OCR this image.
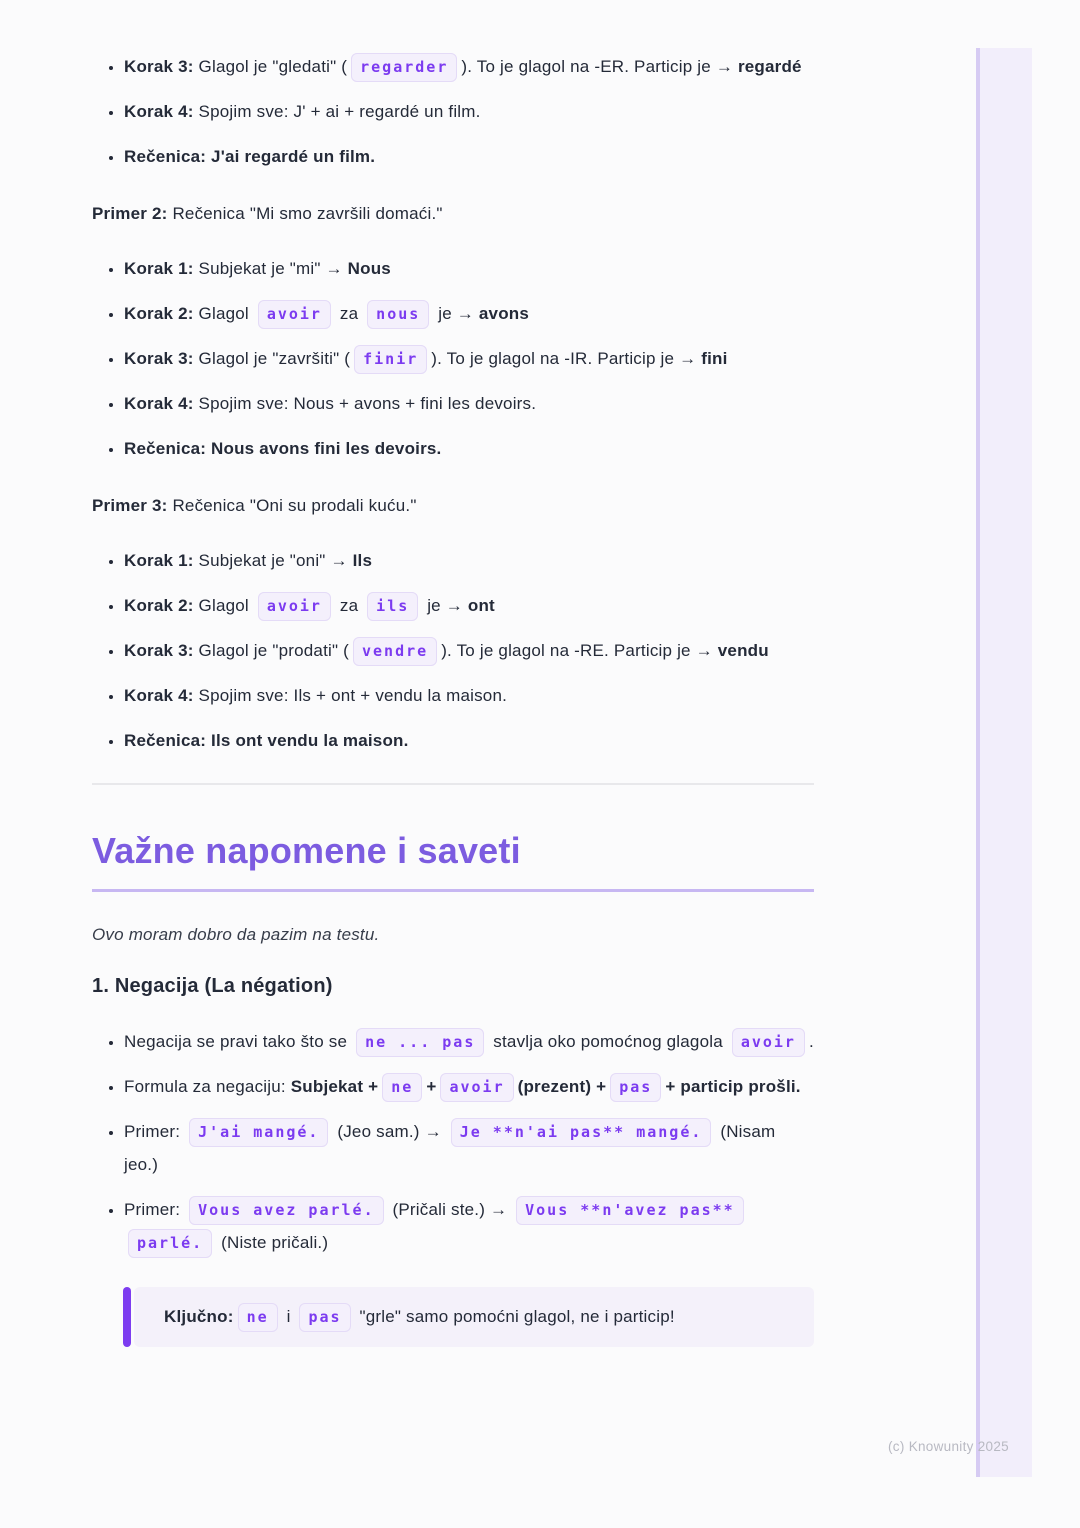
• Korak 3: Glagol je "gledati" ( regarder ). To je glagol na -ER. Particip je → regardé
• Korak 4: Spojim sve: J' + ai + regardé un film.
• Rečenica: J'ai regardé un film.

Primer 2: Rečenica "Mi smo završili domaći."

• Korak 1: Subjekat je "mi" → Nous
• Korak 2: Glagol avoir za nous je → avons
• Korak 3: Glagol je "završiti" ( finir ). To je glagol na -IR. Particip je → fini
• Korak 4: Spojim sve: Nous + avons + fini les devoirs.
• Rečenica: Nous avons fini les devoirs.

Primer 3: Rečenica "Oni su prodali kuću."

• Korak 1: Subjekat je "oni" → Ils
• Korak 2: Glagol avoir za ils je → ont
• Korak 3: Glagol je "prodati" ( vendre ). To je glagol na -RE. Particip je → vendu
• Korak 4: Spojim sve: Ils + ont + vendu la maison.
• Rečenica: Ils ont vendu la maison.
Važne napomene i saveti

Ovo moram dobro da pazim na testu.

1. Negacija (La négation)
• Negacija se pravi tako što se ne ... pas stavlja oko pomoćnog glagola avoir .
• Formula za negaciju: Subjekat + ne + avoir (prezent) + pas + particip prošli.
• Primer: J'ai mangé. (Jeo sam.) → Je **n'ai pas** mangé. (Nisam jeo.)
• Primer: Vous avez parlé. (Pričali ste.) → Vous **n'avez pas** parlé. (Niste pričali.)
Ključno: ne i pas "grle" samo pomoćni glagol, ne i particip!
(c) Knowunity 2025
